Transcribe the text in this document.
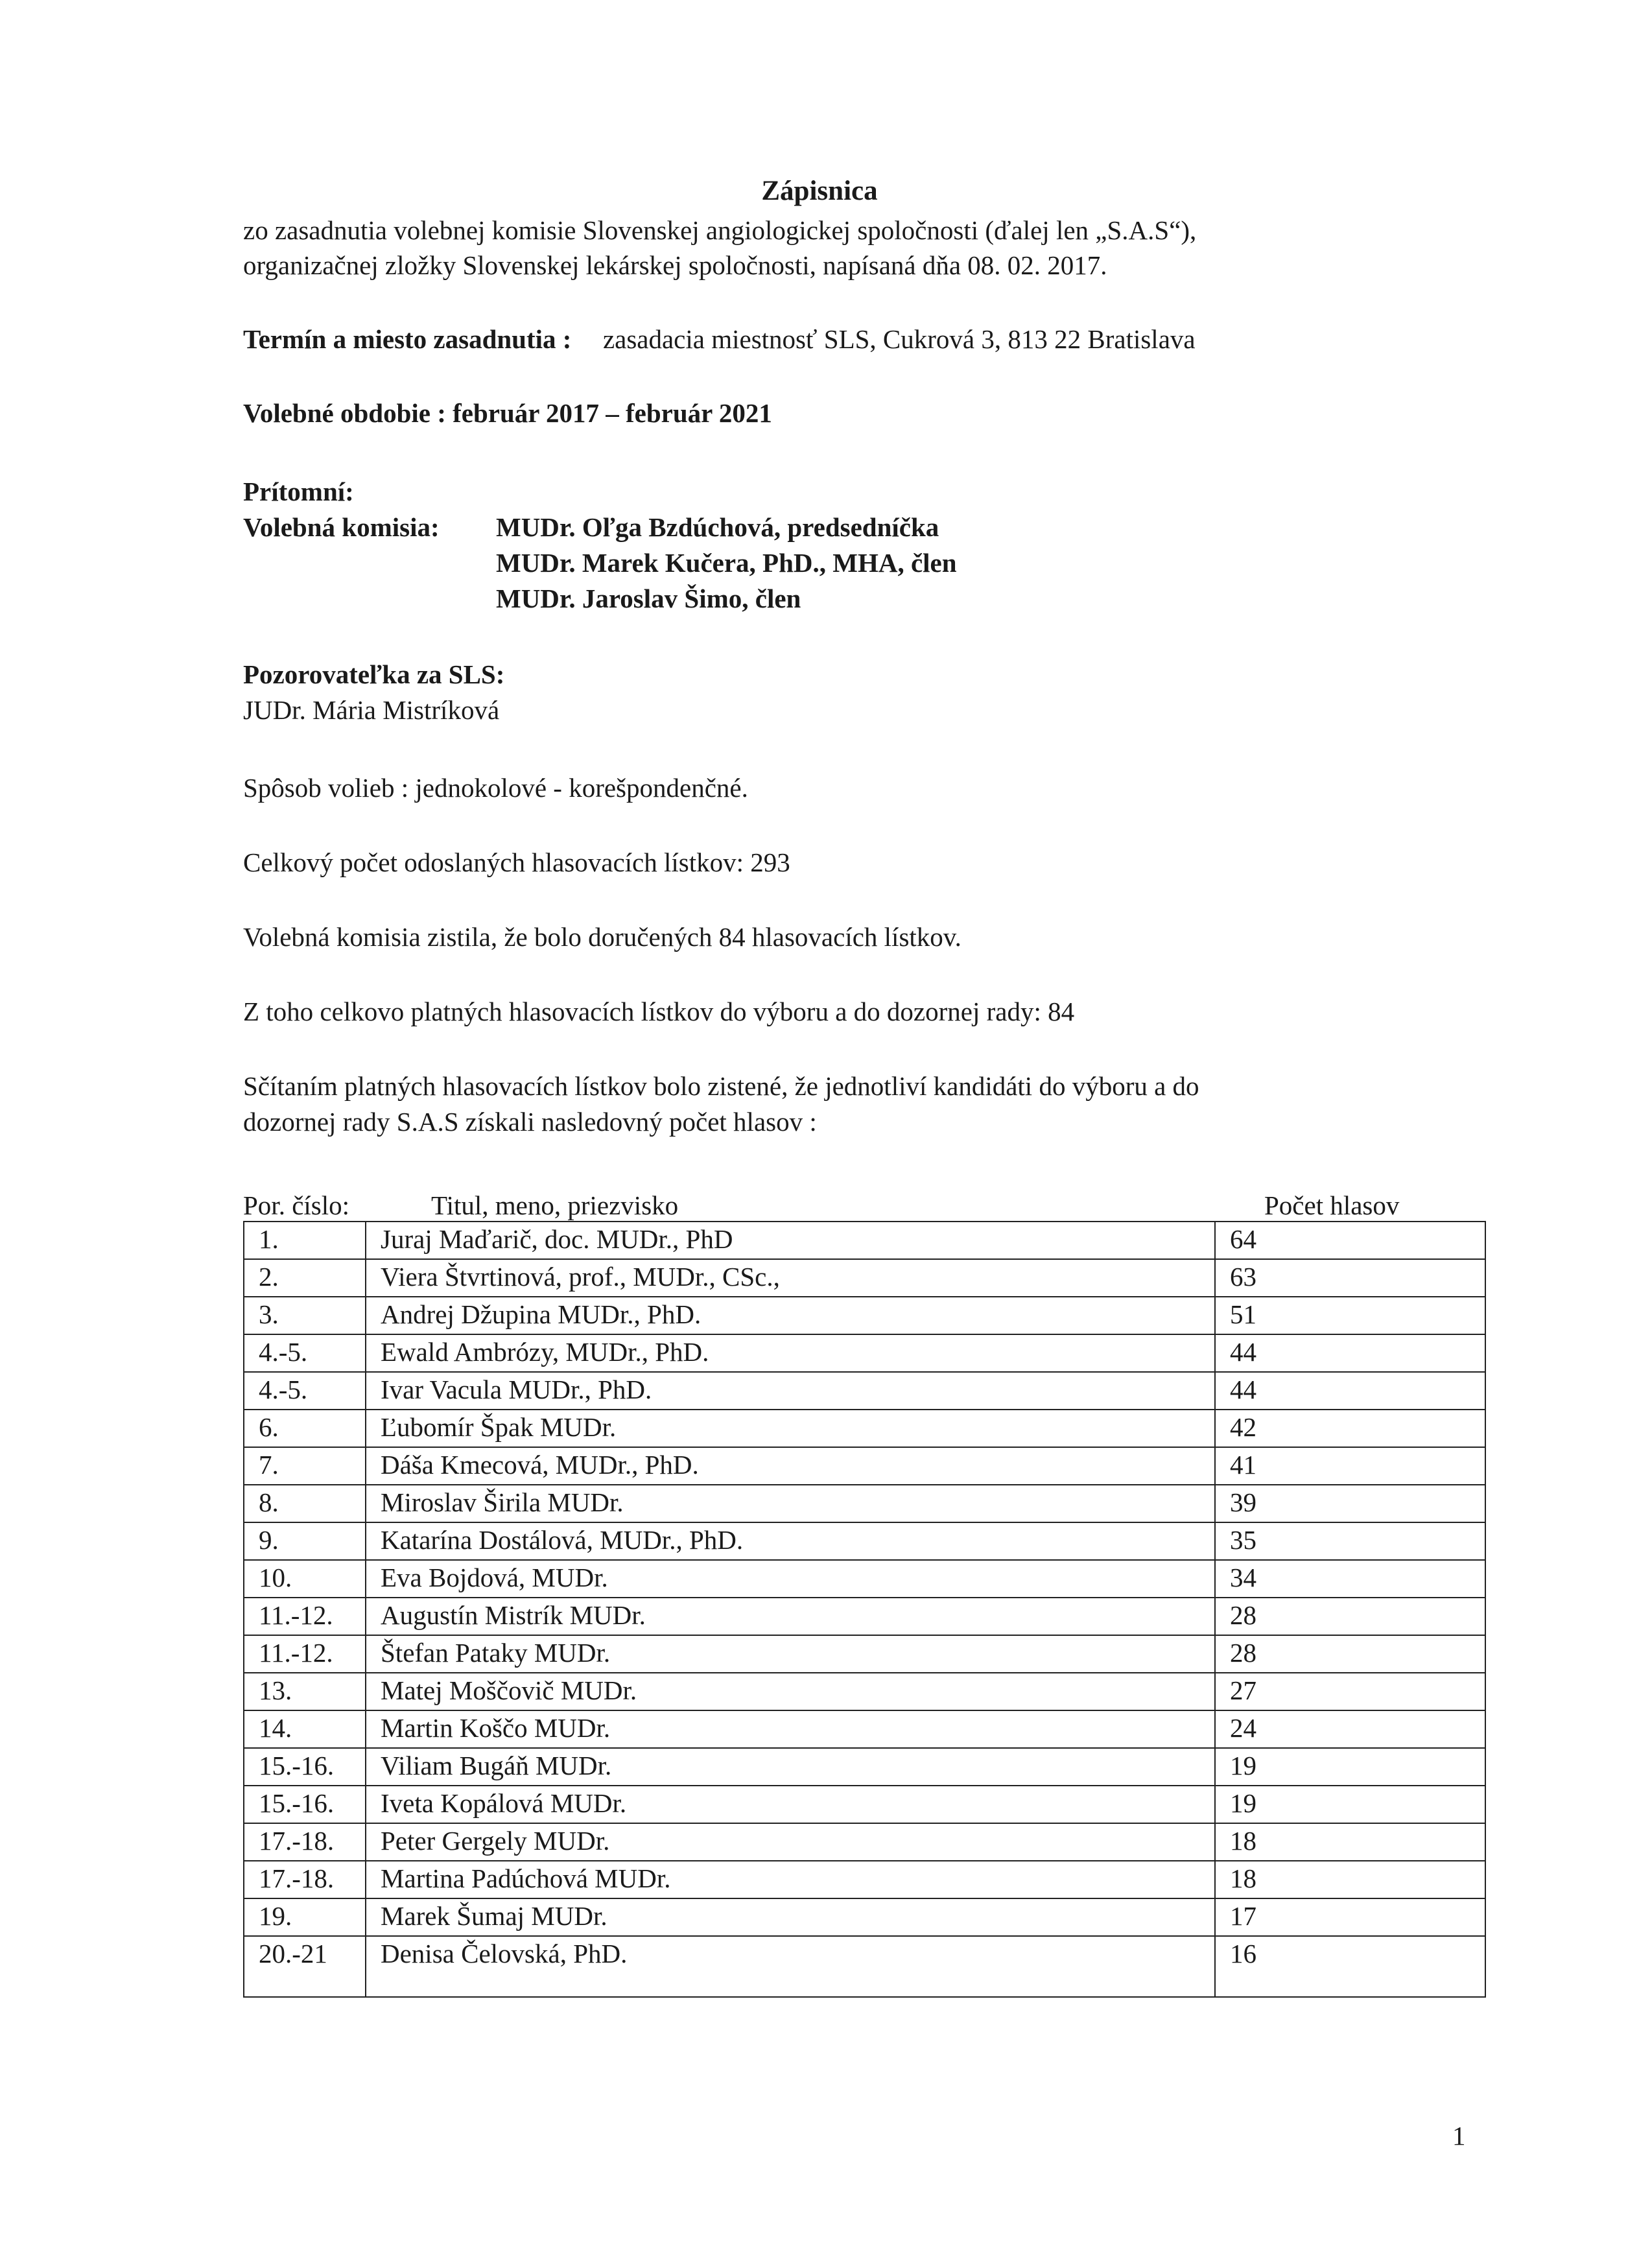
Zápisnica
zo zasadnutia volebnej komisie Slovenskej angiologickej spoločnosti (ďalej len „S.A.S“),
organizačnej zložky Slovenskej lekárskej spoločnosti, napísaná dňa 08. 02. 2017.
Termín a miesto zasadnutia : zasadacia miestnosť SLS, Cukrová 3, 813 22 Bratislava
Volebné obdobie : február 2017 – február 2021
Prítomní:
Volebná komisia: MUDr. Oľga Bzdúchová, predsedníčka
MUDr. Marek Kučera, PhD., MHA, člen
MUDr. Jaroslav Šimo, člen
Pozorovateľka za SLS:
JUDr. Mária Mistríková
Spôsob volieb : jednokolové - korešpondenčné.
Celkový počet odoslaných hlasovacích lístkov: 293
Volebná komisia zistila, že bolo doručených 84 hlasovacích lístkov.
Z toho celkovo platných hlasovacích lístkov do výboru a do dozornej rady: 84
Sčítaním platných hlasovacích lístkov bolo zistené, že jednotliví kandidáti do výboru a do
dozornej rady S.A.S získali nasledovný počet hlasov :
Por. číslo:	Titul, meno, priezvisko	Počet hlasov
1.	Juraj Maďarič, doc. MUDr., PhD	64
2.	Viera Štvrtinová, prof., MUDr., CSc.,	63
3.	Andrej Džupina MUDr., PhD.	51
4.-5.	Ewald Ambrózy, MUDr., PhD.	44
4.-5.	Ivar Vacula MUDr., PhD.	44
6.	Ľubomír Špak MUDr.	42
7.	Dáša Kmecová, MUDr., PhD.	41
8.	Miroslav Širila MUDr.	39
9.	Katarína Dostálová, MUDr., PhD.	35
10.	Eva Bojdová, MUDr.	34
11.-12.	Augustín Mistrík MUDr.	28
11.-12.	Štefan Pataky MUDr.	28
13.	Matej Moščovič MUDr.	27
14.	Martin Koščo MUDr.	24
15.-16.	Viliam Bugáň MUDr.	19
15.-16.	Iveta Kopálová MUDr.	19
17.-18.	Peter Gergely MUDr.	18
17.-18.	Martina Padúchová MUDr.	18
19.	Marek Šumaj MUDr.	17
20.-21	Denisa Čelovská, PhD.	16
1
